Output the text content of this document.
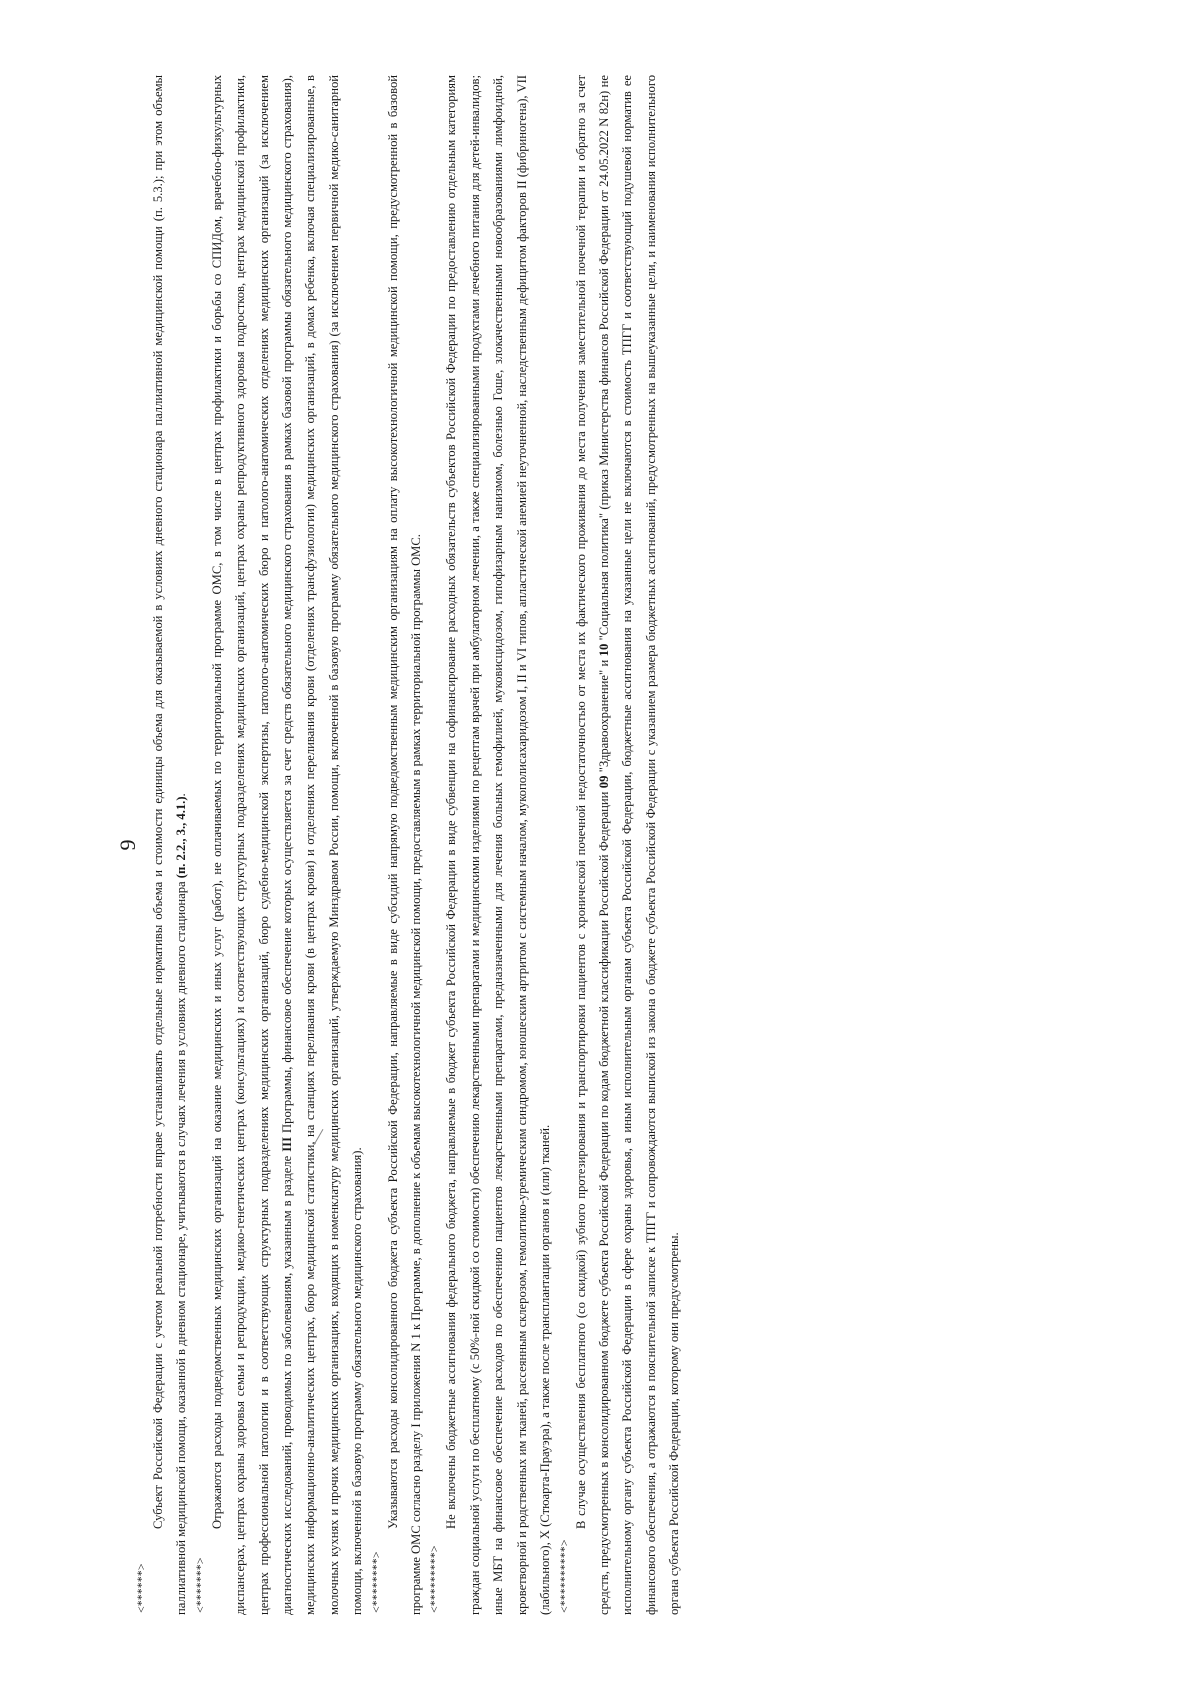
9
<******>

Субъект Российской Федерации с учетом реальной потребности вправе устанавливать отдельные нормативы объема и стоимости единицы объема для оказываемой в условиях дневного стационара паллиативной медицинской помощи (п. 5.3.); при этом объемы паллиативной медицинской помощи, оказанной в дневном стационаре, учитываются в случаях лечения в условиях дневного стационара (п. 2.2., 3., 4.1.).

<*******>

Отражаются расходы подведомственных медицинских организаций на оказание медицинских и иных услуг (работ), не оплачиваемых по территориальной программе ОМС, в том числе в центрах профилактики и борьбы со СПИДом, врачебно-физкультурных диспансерах, центрах охраны здоровья семьи и репродукции, медико-генетических центрах (консультациях) и соответствующих структурных подразделениях медицинских организаций, центрах охраны репродуктивного здоровья подростков, центрах медицинской профилактики, центрах профессиональной патологии и в соответствующих структурных подразделениях медицинских организаций, бюро судебно-медицинской экспертизы, патолого-анатомических бюро и патолого-анатомических отделениях медицинских организаций (за исключением диагностических исследований, проводимых по заболеваниям, указанным в разделе III Программы, финансовое обеспечение которых осуществляется за счет средств обязательного медицинского страхования в рамках базовой программы обязательного медицинского страхования), медицинских информационно-аналитических центрах, бюро медицинской статистики, на станциях переливания крови (в центрах крови) и отделениях переливания крови (отделениях трансфузиологии) медицинских организаций, в домах ребенка, включая специализированные, в молочных кухнях и прочих медицинских организациях, входящих в номенклатуру медицинских организаций, утверждаемую Минздравом России, помощи, включенной в базовую программу обязательного медицинского страхования) (за исключением первичной медико-санитарной помощи, включенной в базовую программу обязательного медицинского страхования). <********>

Указываются расходы консолидированного бюджета субъекта Российской Федерации, направляемые в виде субсидий напрямую подведомственным медицинским организациям на оплату высокотехнологичной медицинской помощи, предусмотренной в базовой программе ОМС согласно разделу I приложения N 1 к Программе, в дополнение к объемам высокотехнологичной медицинской помощи, предоставляемым в рамках территориальной программы ОМС. <*********>

Не включены бюджетные ассигнования федерального бюджета, направляемые в бюджет субъекта Российской Федерации в виде субвенции на софинансирование расходных обязательств субъектов Российской Федерации по предоставлению отдельным категориям граждан социальной услуги по бесплатному (с 50%-ной скидкой со стоимости) обеспечению лекарственными препаратами и медицинскими изделиями по рецептам врачей при амбулаторном лечении, а также специализированными продуктами лечебного питания для детей-инвалидов; иные МБТ на финансовое обеспечение расходов по обеспечению пациентов лекарственными препаратами, предназначенными для лечения больных гемофилией, муковисцидозом, гипофизарным нанизмом, болезнью Гоше, злокачественными новообразованиями лимфоидной, кроветворной и родственных им тканей, рассеянным склерозом, гемолитико-уремическим синдромом, юношеским артритом с системным началом, мукополисахаридозом I, II и VI типов, апластической анемией неуточненной, наследственным дефицитом факторов II (фибриногена), VII (лабильного), X (Стюарта-Прауэра), а также после трансплантации органов и (или) тканей. <**********>

В случае осуществления бесплатного (со скидкой) зубного протезирования и транспортировки пациентов с хронической почечной недостаточностью от места их фактического проживания до места получения заместительной почечной терапии и обратно за счет средств, предусмотренных в консолидированном бюджете субъекта Российской Федерации по кодам бюджетной классификации Российской Федерации 09 "Здравоохранение" и 10 "Социальная политика" (приказ Министерства финансов Российской Федерации от 24.05.2022 N 82н) не исполнительному органу субъекта Российской Федерации в сфере охраны здоровья, а иным исполнительным органам субъекта Российской Федерации, бюджетные ассигнования на указанные цели не включаются в стоимость ТПГГ и соответствующий подушевой норматив ее финансового обеспечения, а отражаются в пояснительной записке к ТПГГ и сопровождаются выпиской из закона о бюджете субъекта Российской Федерации с указанием размера бюджетных ассигнований, предусмотренных на вышеуказанные цели, и наименования исполнительного органа субъекта Российской Федерации, которому они предусмотрены.
